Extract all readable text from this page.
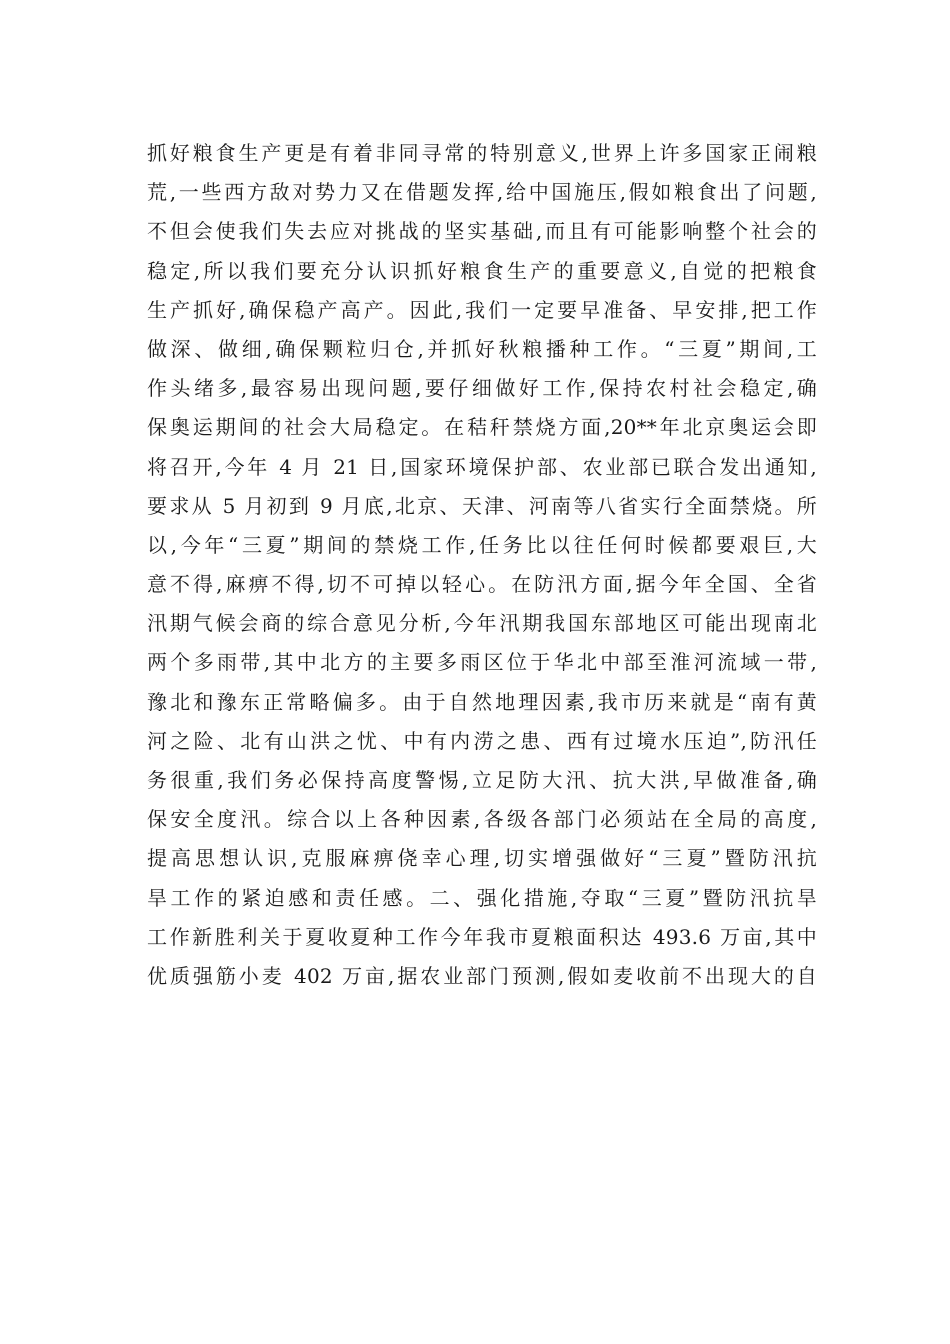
抓好粮食生产更是有着非同寻常的特别意义,世界上许多国家正闹粮
荒,一些西方敌对势力又在借题发挥,给中国施压,假如粮食出了问题,
不但会使我们失去应对挑战的坚实基础,而且有可能影响整个社会的
稳定,所以我们要充分认识抓好粮食生产的重要意义,自觉的把粮食
生产抓好,确保稳产高产。因此,我们一定要早准备、早安排,把工作
做深、做细,确保颗粒归仓,并抓好秋粮播种工作。“三夏”期间,工
作头绪多,最容易出现问题,要仔细做好工作,保持农村社会稳定,确
保奥运期间的社会大局稳定。在秸秆禁烧方面,20**年北京奥运会即
将召开,今年 4 月 21 日,国家环境保护部、农业部已联合发出通知,
要求从 5 月初到 9 月底,北京、天津、河南等八省实行全面禁烧。所
以,今年“三夏”期间的禁烧工作,任务比以往任何时候都要艰巨,大
意不得,麻痹不得,切不可掉以轻心。在防汛方面,据今年全国、全省
汛期气候会商的综合意见分析,今年汛期我国东部地区可能出现南北
两个多雨带,其中北方的主要多雨区位于华北中部至淮河流域一带,
豫北和豫东正常略偏多。由于自然地理因素,我市历来就是“南有黄
河之险、北有山洪之忧、中有内涝之患、西有过境水压迫”,防汛任
务很重,我们务必保持高度警惕,立足防大汛、抗大洪,早做准备,确
保安全度汛。综合以上各种因素,各级各部门必须站在全局的高度,
提高思想认识,克服麻痹侥幸心理,切实增强做好“三夏”暨防汛抗
旱工作的紧迫感和责任感。二、强化措施,夺取“三夏”暨防汛抗旱
工作新胜利关于夏收夏种工作今年我市夏粮面积达 493.6 万亩,其中
优质强筋小麦 402 万亩,据农业部门预测,假如麦收前不出现大的自
